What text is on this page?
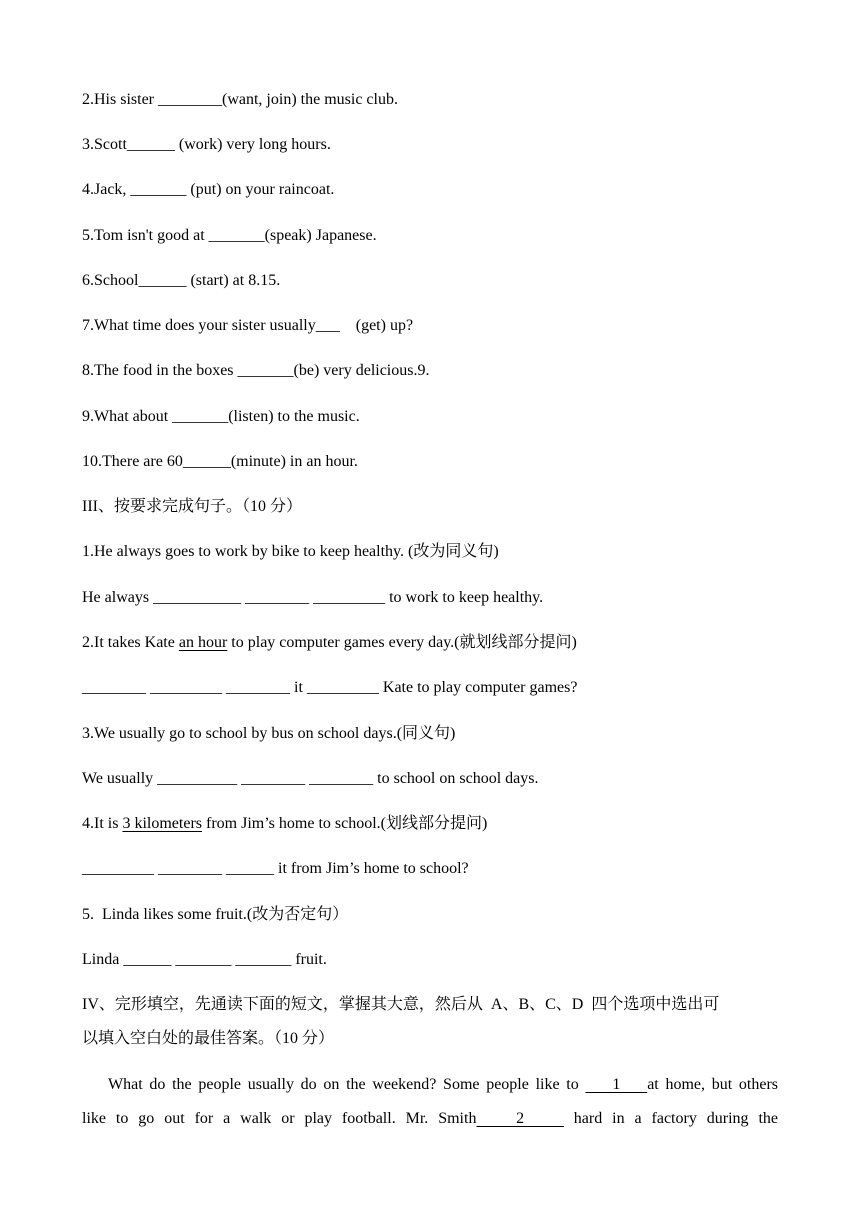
2.His sister ________(want, join) the music club.
3.Scott______ (work) very long hours.
4.Jack, _______ (put) on your raincoat.
5.Tom isn't good at _______(speak) Japanese.
6.School______ (start) at 8.15.
7.What time does your sister usually___    (get) up?
8.The food in the boxes _______(be) very delicious.9.
9.What about _______(listen) to the music.
10.There are 60______(minute) in an hour.
III、按要求完成句子。（10 分）
1.He always goes to work by bike to keep healthy. (改为同义句)
He always ___________ ________ _________ to work to keep healthy.
2.It takes Kate an hour to play computer games every day.(就划线部分提问)
________ _________ ________ it _________ Kate to play computer games?
3.We usually go to school by bus on school days.(同义句)
We usually __________ ________ ________ to school on school days.
4.It is 3 kilometers from Jim’s home to school.(划线部分提问)
_________ ________ ______ it from Jim’s home to school?
5.  Linda likes some fruit.(改为否定句）
Linda ______ _______ _______ fruit.
IV、完形填空，先通读下面的短文，掌握其大意，然后从  A、B、C、D  四个选项中选出可
以填入空白处的最佳答案。（10 分）
What do the people usually do on the weekend? Some people like to     1    at home, but others
like to go out for a walk or play football. Mr. Smith    2     hard in a factory during the
